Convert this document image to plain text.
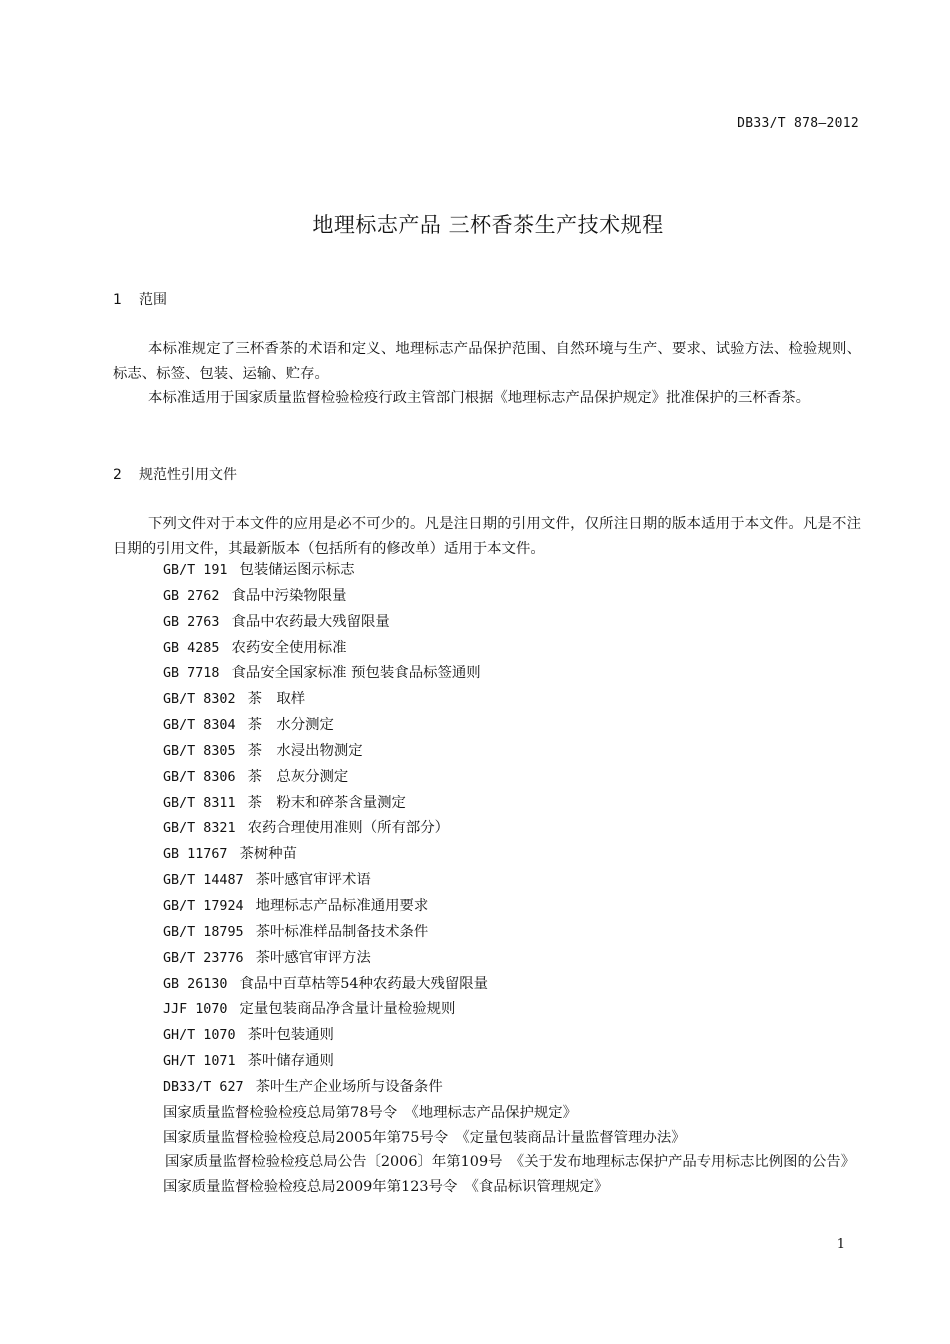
DB33/T 878—2012
地理标志产品 三杯香茶生产技术规程
1 范围
本标准规定了三杯香茶的术语和定义、地理标志产品保护范围、自然环境与生产、要求、试验方法、检验规则、标志、标签、包装、运输、贮存。
本标准适用于国家质量监督检验检疫行政主管部门根据《地理标志产品保护规定》批准保护的三杯香茶。
2 规范性引用文件
下列文件对于本文件的应用是必不可少的。凡是注日期的引用文件，仅所注日期的版本适用于本文件。凡是不注日期的引用文件，其最新版本（包括所有的修改单）适用于本文件。
GB/T 191 包装储运图示标志
GB 2762 食品中污染物限量
GB 2763 食品中农药最大残留限量
GB 4285 农药安全使用标准
GB 7718 食品安全国家标准 预包装食品标签通则
GB/T 8302 茶　取样
GB/T 8304 茶　水分测定
GB/T 8305 茶　水浸出物测定
GB/T 8306 茶　总灰分测定
GB/T 8311 茶　粉末和碎茶含量测定
GB/T 8321 农药合理使用准则（所有部分）
GB 11767 茶树种苗
GB/T 14487 茶叶感官审评术语
GB/T 17924 地理标志产品标准通用要求
GB/T 18795 茶叶标准样品制备技术条件
GB/T 23776 茶叶感官审评方法
GB 26130 食品中百草枯等54种农药最大残留限量
JJF 1070 定量包装商品净含量计量检验规则
GH/T 1070 茶叶包装通则
GH/T 1071 茶叶储存通则
DB33/T 627 茶叶生产企业场所与设备条件
国家质量监督检验检疫总局第78号令　《地理标志产品保护规定》
国家质量监督检验检疫总局2005年第75号令　《定量包装商品计量监督管理办法》
国家质量监督检验检疫总局公告〔2006〕年第109号　《关于发布地理标志保护产品专用标志比例图的公告》
国家质量监督检验检疫总局2009年第123号令　《食品标识管理规定》
1
